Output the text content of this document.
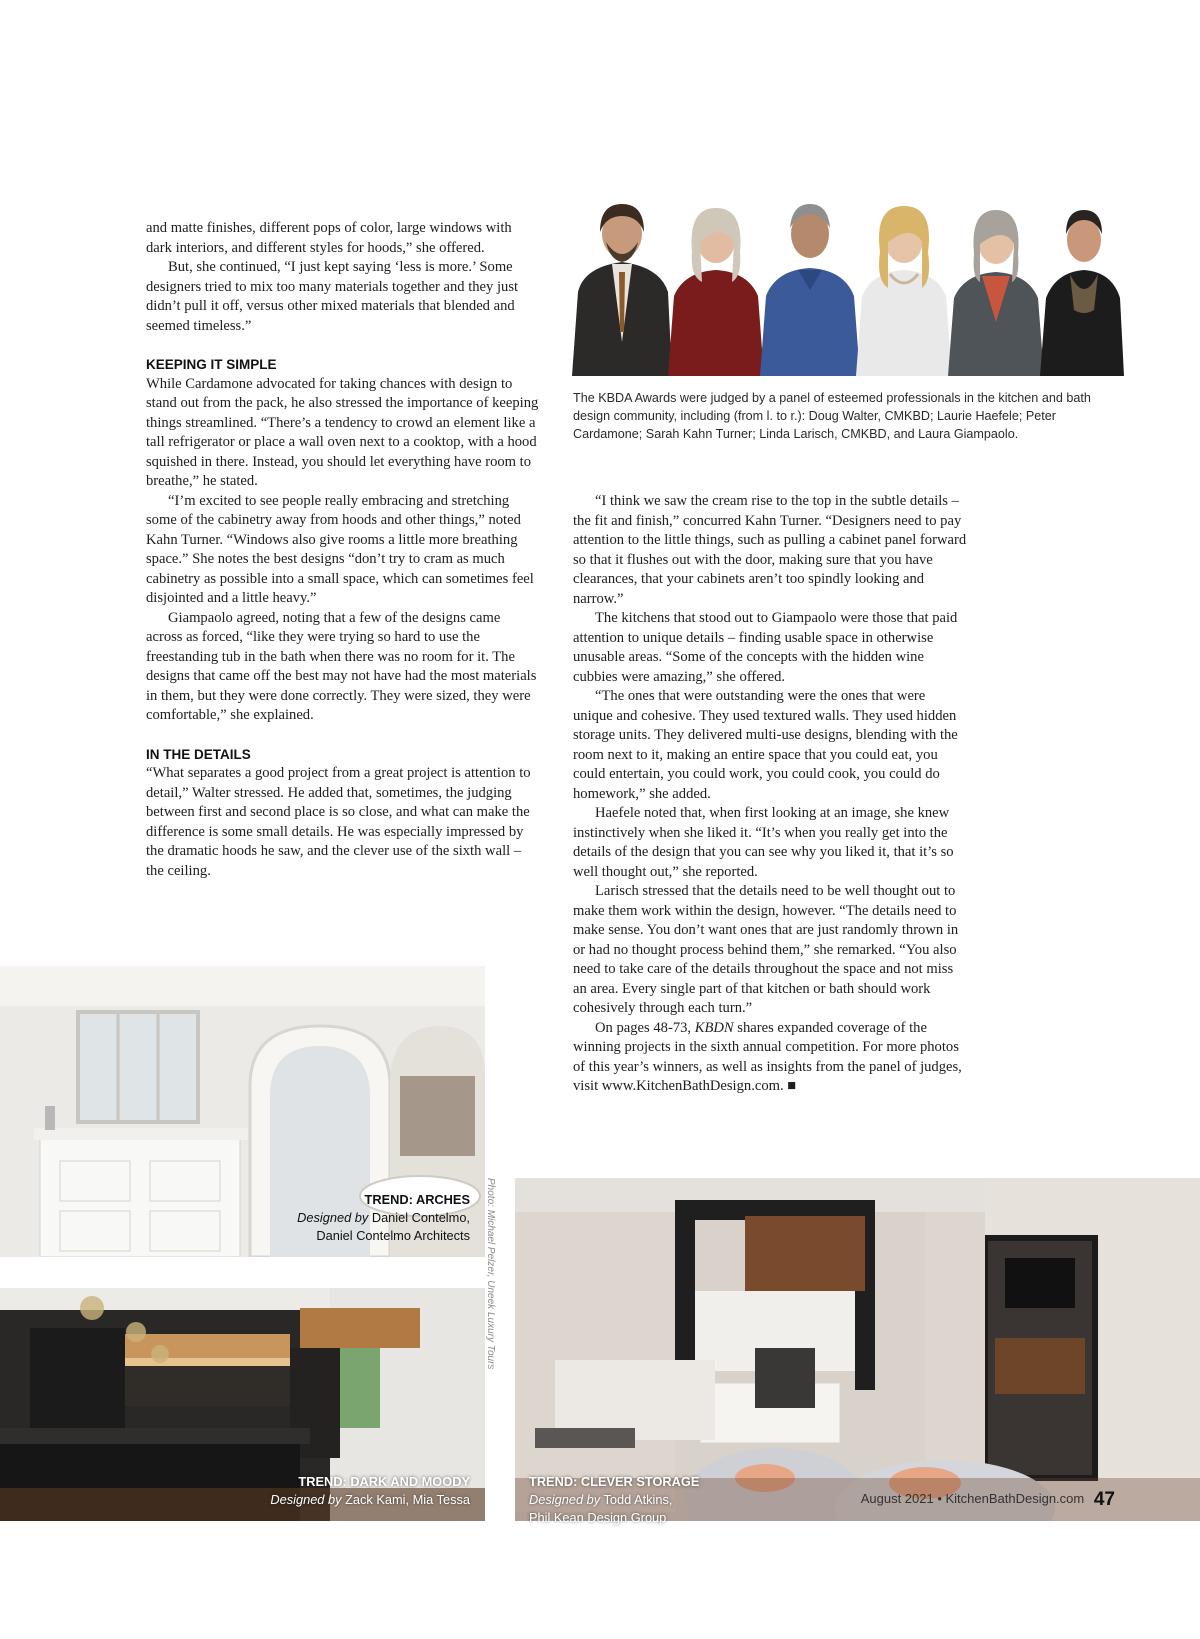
and matte finishes, different pops of color, large windows with dark interiors, and different styles for hoods,” she offered.

But, she continued, “I just kept saying ‘less is more.’ Some designers tried to mix too many materials together and they just didn’t pull it off, versus other mixed materials that blended and seemed timeless.”

KEEPING IT SIMPLE

While Cardamone advocated for taking chances with design to stand out from the pack, he also stressed the importance of keeping things streamlined. “There’s a tendency to crowd an element like a tall refrigerator or place a wall oven next to a cooktop, with a hood squished in there. Instead, you should let everything have room to breathe,” he stated.

“I’m excited to see people really embracing and stretching some of the cabinetry away from hoods and other things,” noted Kahn Turner. “Windows also give rooms a little more breathing space.” She notes the best designs “don’t try to cram as much cabinetry as possible into a small space, which can sometimes feel disjointed and a little heavy.”

Giampaolo agreed, noting that a few of the designs came across as forced, “like they were trying so hard to use the freestanding tub in the bath when there was no room for it. The designs that came off the best may not have had the most materials in them, but they were done correctly. They were sized, they were comfortable,” she explained.

IN THE DETAILS

“What separates a good project from a great project is attention to detail,” Walter stressed. He added that, sometimes, the judging between first and second place is so close, and what can make the difference is some small details. He was especially impressed by the dramatic hoods he saw, and the clever use of the sixth wall – the ceiling.

The KBDA Awards were judged by a panel of esteemed professionals in the kitchen and bath design community, including (from l. to r.): Doug Walter, CMKBD; Laurie Haefele; Peter Cardamone; Sarah Kahn Turner; Linda Larisch, CMKBD, and Laura Giampaolo.

“I think we saw the cream rise to the top in the subtle details – the fit and finish,” concurred Kahn Turner. “Designers need to pay attention to the little things, such as pulling a cabinet panel forward so that it flushes out with the door, making sure that you have clearances, that your cabinets aren’t too spindly looking and narrow.”

The kitchens that stood out to Giampaolo were those that paid attention to unique details – finding usable space in otherwise unusable areas. “Some of the concepts with the hidden wine cubbies were amazing,” she offered.

“The ones that were outstanding were the ones that were unique and cohesive. They used textured walls. They used hidden storage units. They delivered multi-use designs, blending with the room next to it, making an entire space that you could eat, you could entertain, you could work, you could cook, you could do homework,” she added.

Haefele noted that, when first looking at an image, she knew instinctively when she liked it. “It’s when you really get into the details of the design that you can see why you liked it, that it’s so well thought out,” she reported.

Larisch stressed that the details need to be well thought out to make them work within the design, however. “The details need to make sense. You don’t want ones that are just randomly thrown in or had no thought process behind them,” she remarked. “You also need to take care of the details throughout the space and not miss an area. Every single part of that kitchen or bath should work cohesively through each turn.”

On pages 48-73, KBDN shares expanded coverage of the winning projects in the sixth annual competition. For more photos of this year’s winners, as well as insights from the panel of judges, visit www.KitchenBathDesign.com. ■

TREND: ARCHES
Designed by Daniel Contelmo,
Daniel Contelmo Architects
TREND: DARK AND MOODY
Designed by Zack Kami, Mia Tessa
Photo: Michael Pelzer, Uneek Luxury Tours
TREND: CLEVER STORAGE
Designed by Todd Atkins,
Phil Kean Design Group
August 2021 • KitchenBathDesign.com 47
